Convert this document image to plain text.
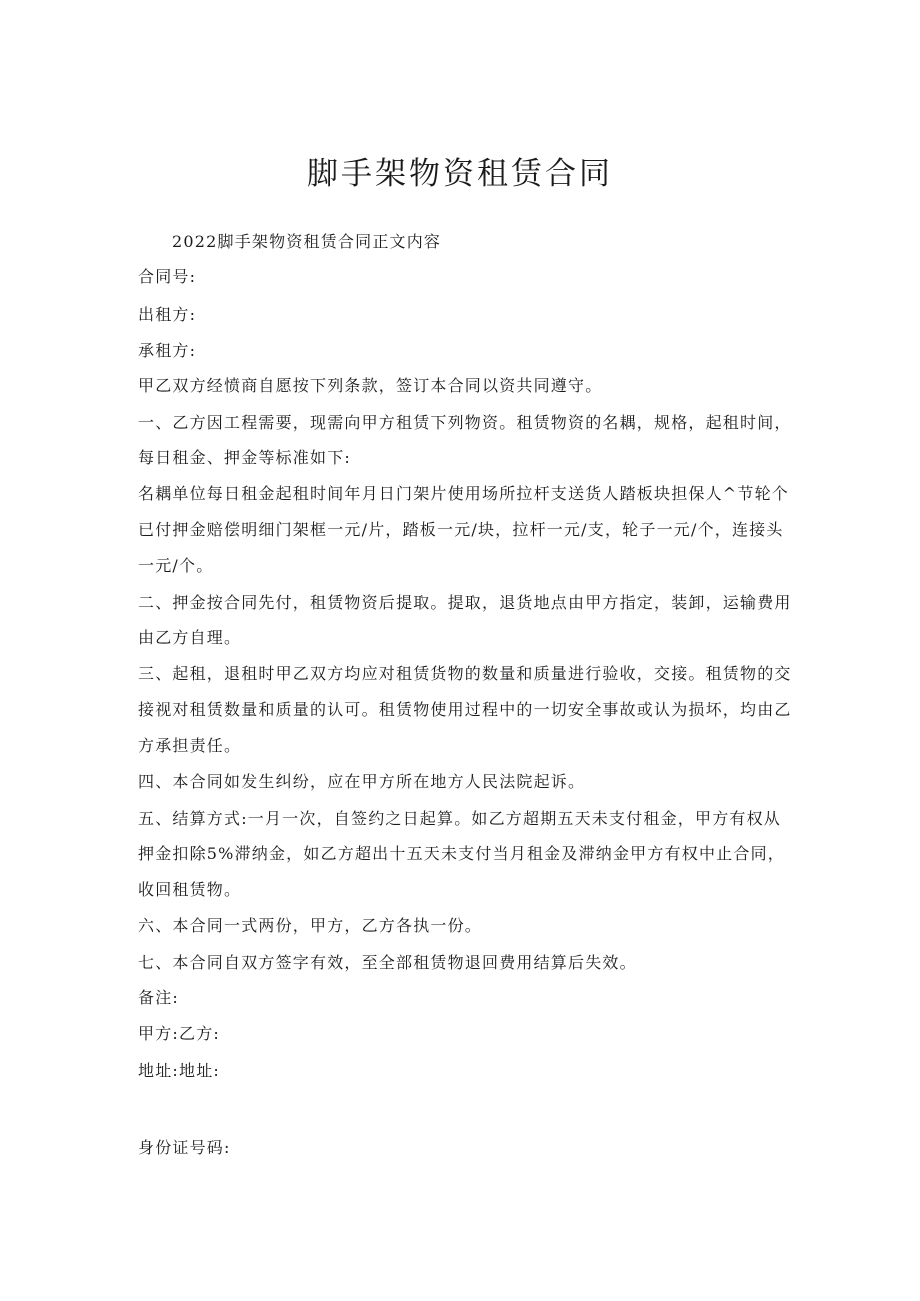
脚手架物资租赁合同
2022脚手架物资租赁合同正文内容
合同号:
出租方:
承租方:
甲乙双方经愤商自愿按下列条款，签订本合同以资共同遵守。
一、乙方因工程需要，现需向甲方租赁下列物资。租赁物资的名耦，规格，起租时间，
每日租金、押金等标准如下:
名耦单位每日租金起租时间年月日门架片使用场所拉杆支送货人踏板块担保人^节轮个
已付押金赔偿明细门架框一元/片，踏板一元/块，拉杆一元/支，轮子一元/个，连接头
一元/个。
二、押金按合同先付，租赁物资后提取。提取，退货地点由甲方指定，装卸，运输费用
由乙方自理。
三、起租，退租时甲乙双方均应对租赁货物的数量和质量进行验收，交接。租赁物的交
接视对租赁数量和质量的认可。租赁物使用过程中的一切安全事故或认为损坏，均由乙
方承担责任。
四、本合同如发生纠纷，应在甲方所在地方人民法院起诉。
五、结算方式:一月一次，自签约之日起算。如乙方超期五天未支付租金，甲方有权从
押金扣除5%滞纳金，如乙方超出十五天未支付当月租金及滞纳金甲方有权中止合同，
收回租赁物。
六、本合同一式两份，甲方，乙方各执一份。
七、本合同自双方签字有效，至全部租赁物退回费用结算后失效。
备注:
甲方:乙方:
地址:地址:
身份证号码:
